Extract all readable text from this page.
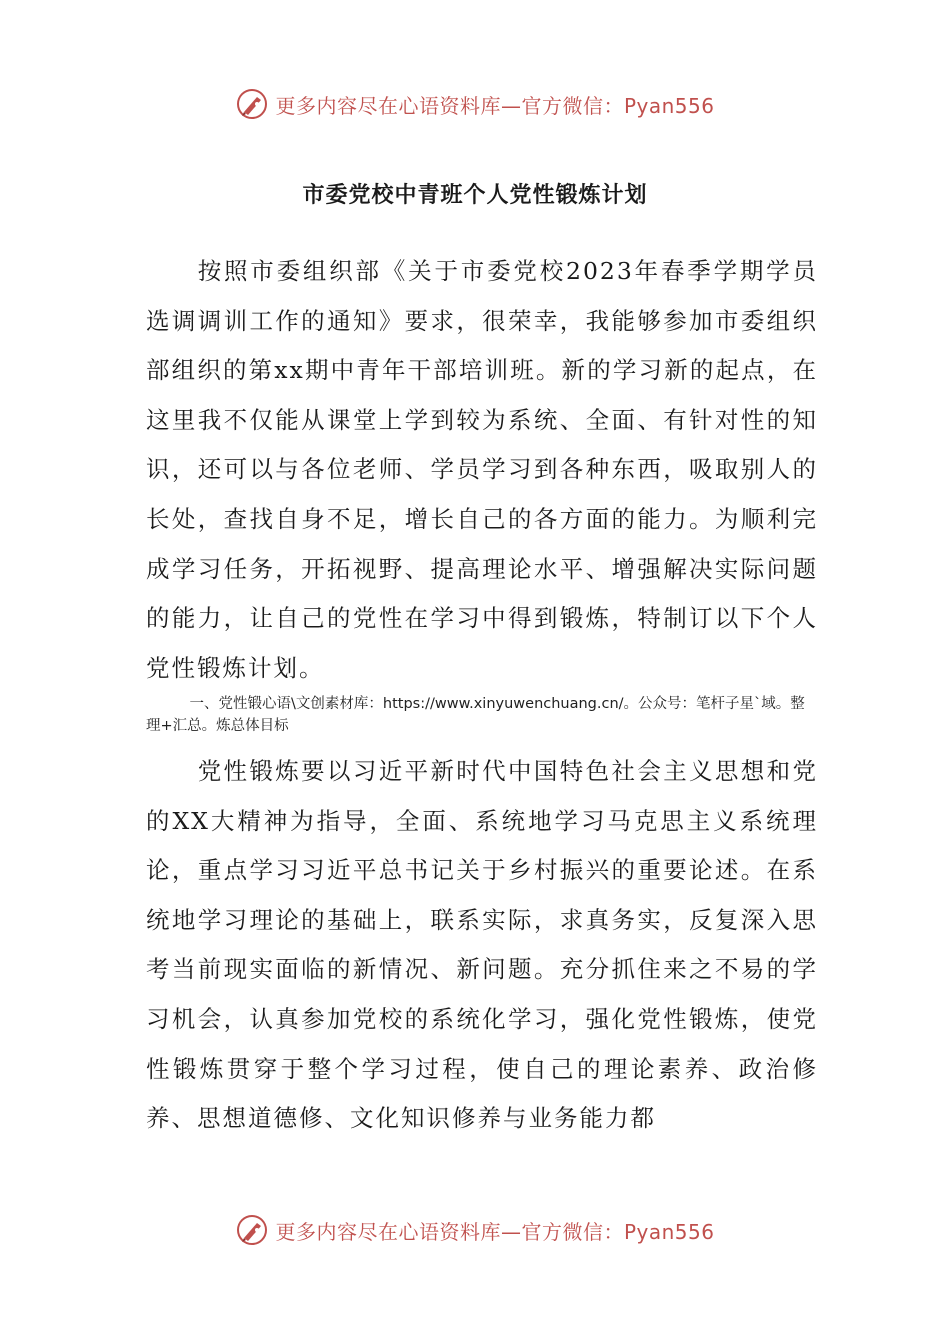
更多内容尽在心语资料库—官方微信：Pyan556
市委党校中青班个人党性锻炼计划

按照市委组织部《关于市委党校2023年春季学期学员选调调训工作的通知》要求，很荣幸，我能够参加市委组织部组织的第xx期中青年干部培训班。新的学习新的起点，在这里我不仅能从课堂上学到较为系统、全面、有针对性的知识，还可以与各位老师、学员学习到各种东西，吸取别人的长处，查找自身不足，增长自己的各方面的能力。为顺利完成学习任务，开拓视野、提高理论水平、增强解决实际问题的能力，让自己的党性在学习中得到锻炼，特制订以下个人党性锻炼计划。

一、党性锻心语\文创素材库：https://www.xinyuwenchuang.cn/。公众号：笔杆子星`域。整理+汇总。炼总体目标

党性锻炼要以习近平新时代中国特色社会主义思想和党的XX大精神为指导，全面、系统地学习马克思主义系统理论，重点学习习近平总书记关于乡村振兴的重要论述。在系统地学习理论的基础上，联系实际，求真务实，反复深入思考当前现实面临的新情况、新问题。充分抓住来之不易的学习机会，认真参加党校的系统化学习，强化党性锻炼，使党性锻炼贯穿于整个学习过程，使自己的理论素养、政治修养、思想道德修、文化知识修养与业务能力都

更多内容尽在心语资料库—官方微信：Pyan556
